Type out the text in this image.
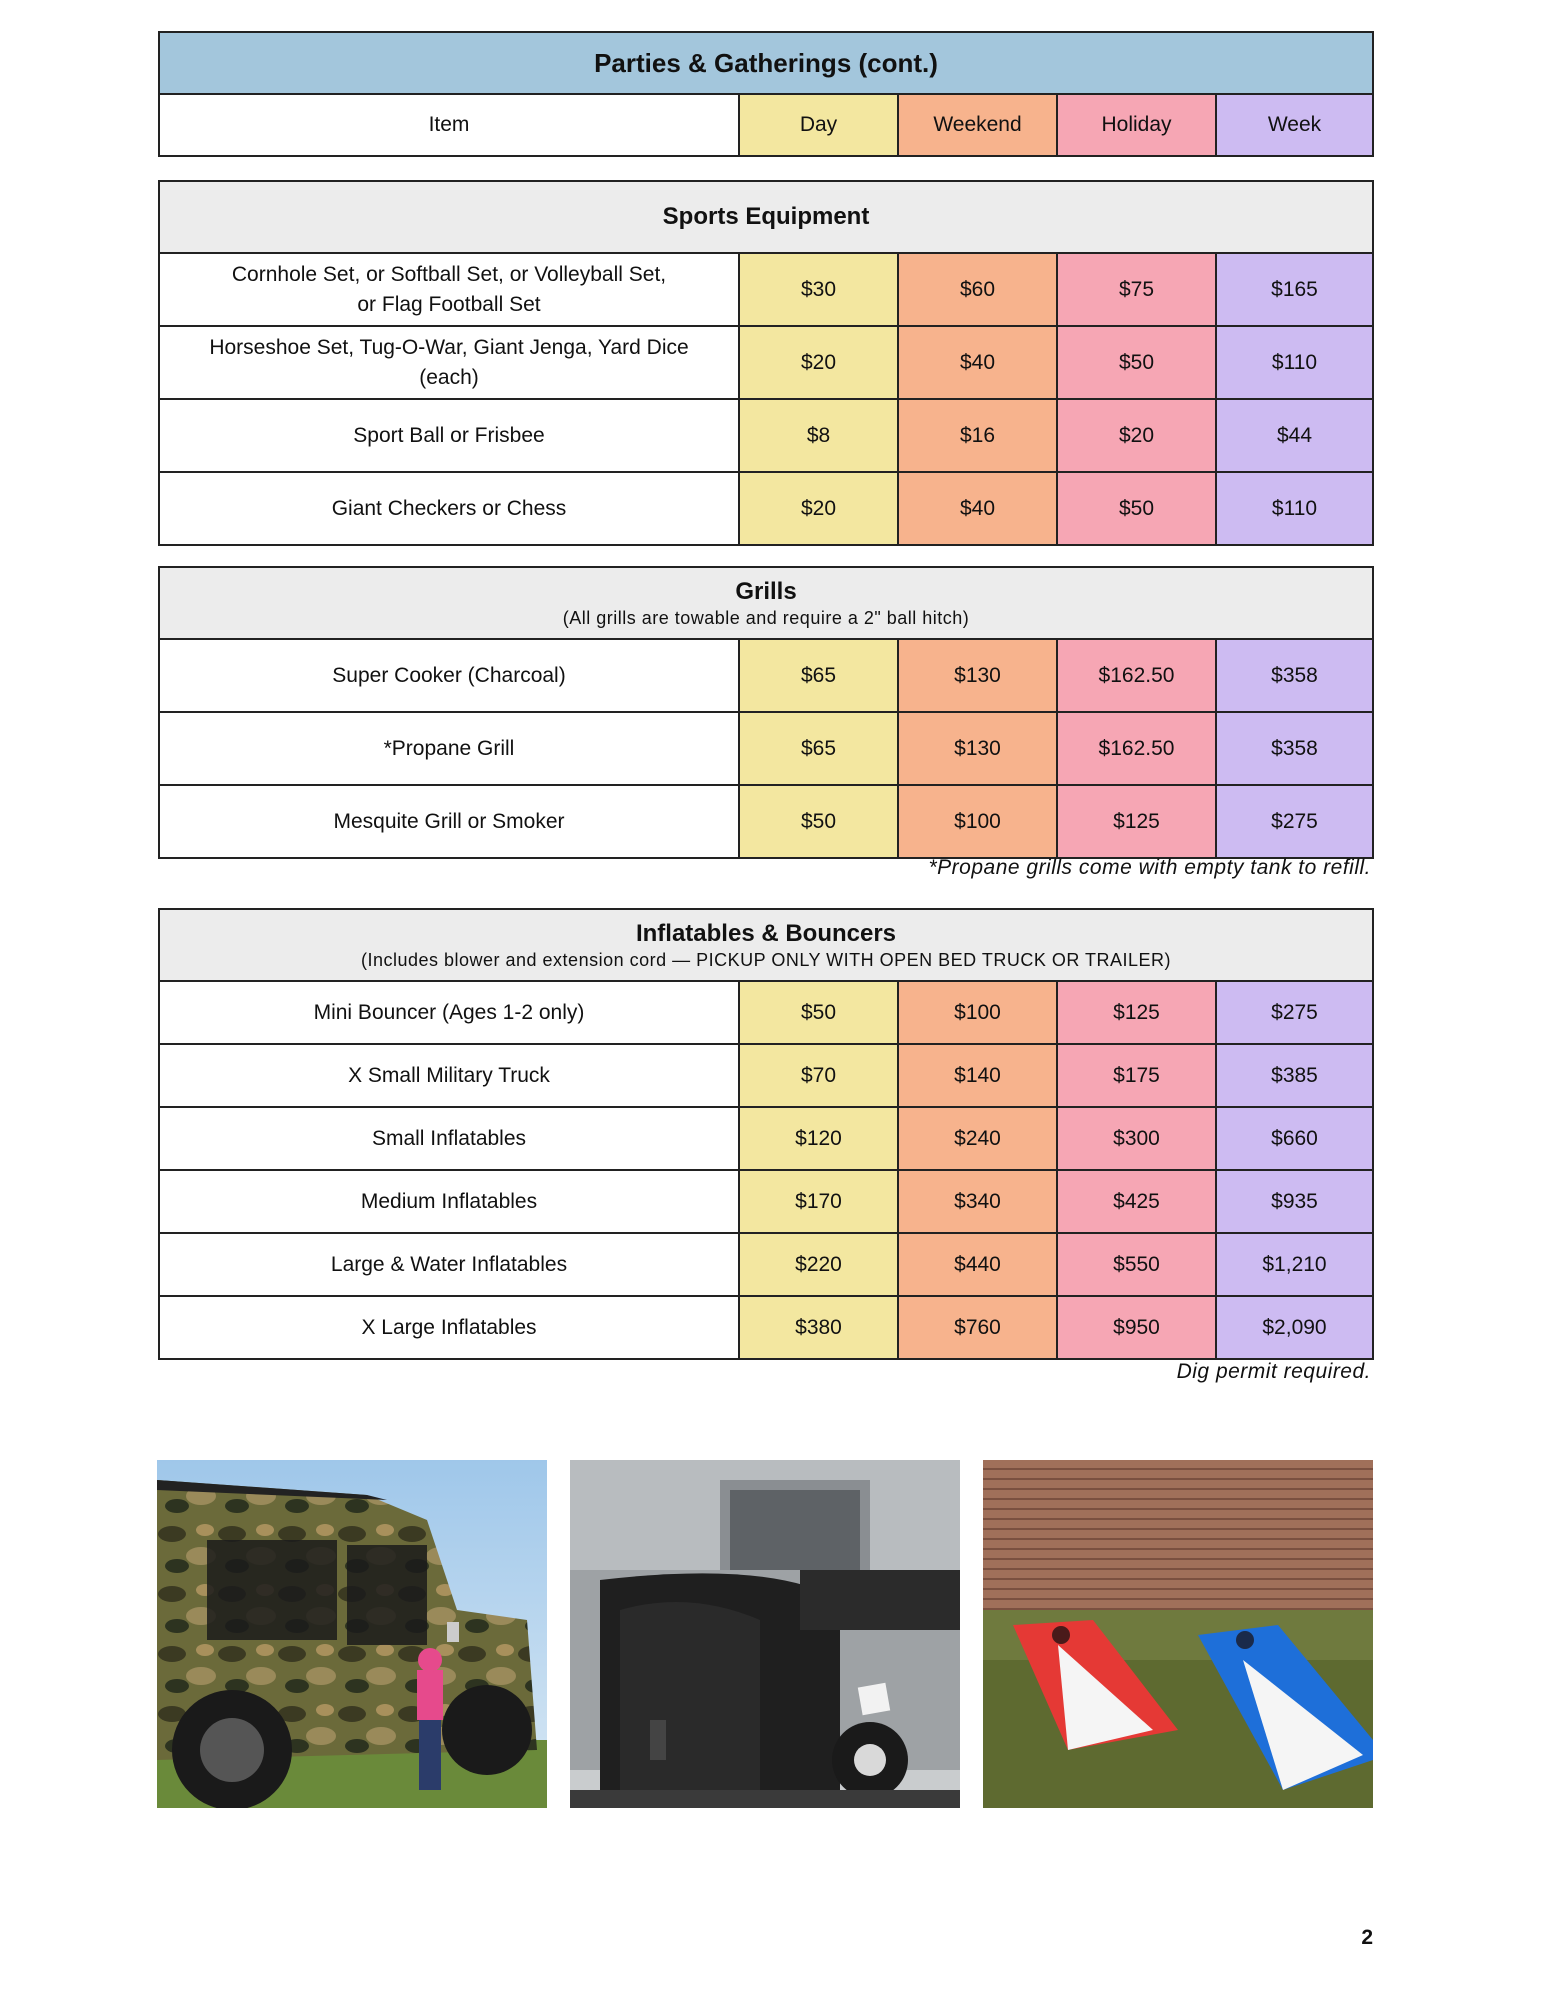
Parties & Gatherings (cont.)
Item	Day	Weekend	Holiday	Week
Sports Equipment
Cornhole Set, or Softball Set, or Volleyball Set,
or Flag Football Set
$30	$60	$75	$165
Horseshoe Set, Tug-O-War, Giant Jenga, Yard Dice
(each)
$20	$40	$50	$110
Sport Ball or Frisbee	$8	$16	$20	$44
Giant Checkers or Chess	$20	$40	$50	$110
Grills
(All grills are towable and require a 2" ball hitch)
Super Cooker (Charcoal)	$65	$130	$162.50	$358
*Propane Grill	$65	$130	$162.50	$358
Mesquite Grill or Smoker	$50	$100	$125	$275
*Propane grills come with empty tank to refill.
Inflatables & Bouncers
(Includes blower and extension cord — PICKUP ONLY WITH OPEN BED TRUCK OR TRAILER)
Mini Bouncer (Ages 1-2 only)	$50	$100	$125	$275
X Small Military Truck	$70	$140	$175	$385
Small Inflatables	$120	$240	$300	$660
Medium Inflatables	$170	$340	$425	$935
Large & Water Inflatables	$220	$440	$550	$1,210
X Large Inflatables	$380	$760	$950	$2,090
Dig permit required.
2
